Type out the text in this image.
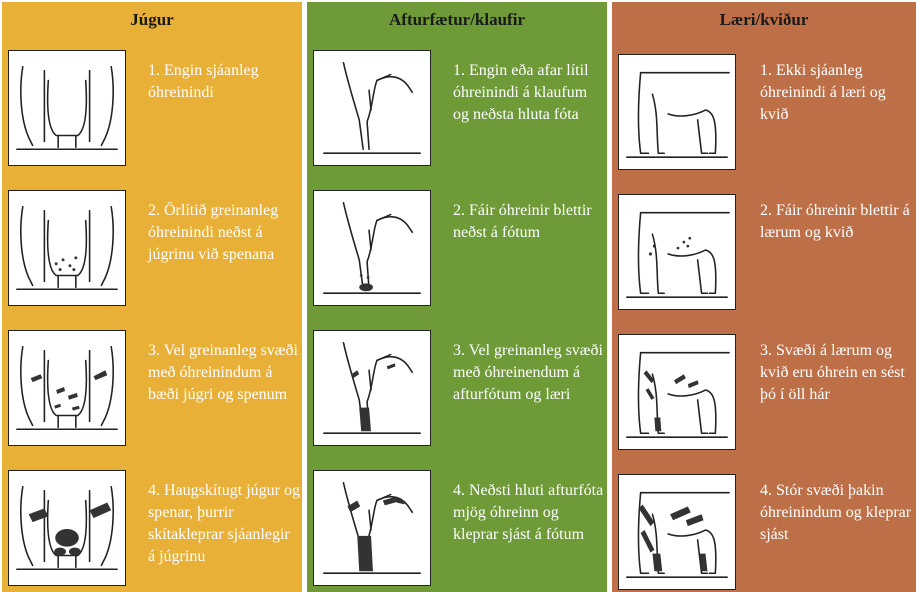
Júgur
1. Engin sjáanleg óhreinindi
2. Örlítið greinanleg óhreinindi neðst á júgrinu við spenana
3. Vel greinanleg svæði með óhreinindum á bæði júgri og spenum
4. Haugskítugt júgur og spenar, þurrir skítakleprar sjáanlegir á júgrinu
Afturfætur/klaufir
1. Engin eða afar lítil óhreinindi á klaufum og neðsta hluta fóta
2. Fáir óhreinir blettir neðst á fótum
3. Vel greinanleg svæði með óhreinendum á afturfótum og læri
4. Neðsti hluti afturfóta mjög óhreinn og kleprar sjást á fótum
Læri/kviður
1. Ekki sjáanleg óhreinindi á læri og kvið
2. Fáir óhreinir blettir á lærum og kvið
3. Svæði á lærum og kvið eru óhrein en sést þó í öll hár
4. Stór svæði þakin óhreinindum og kleprar sjást
